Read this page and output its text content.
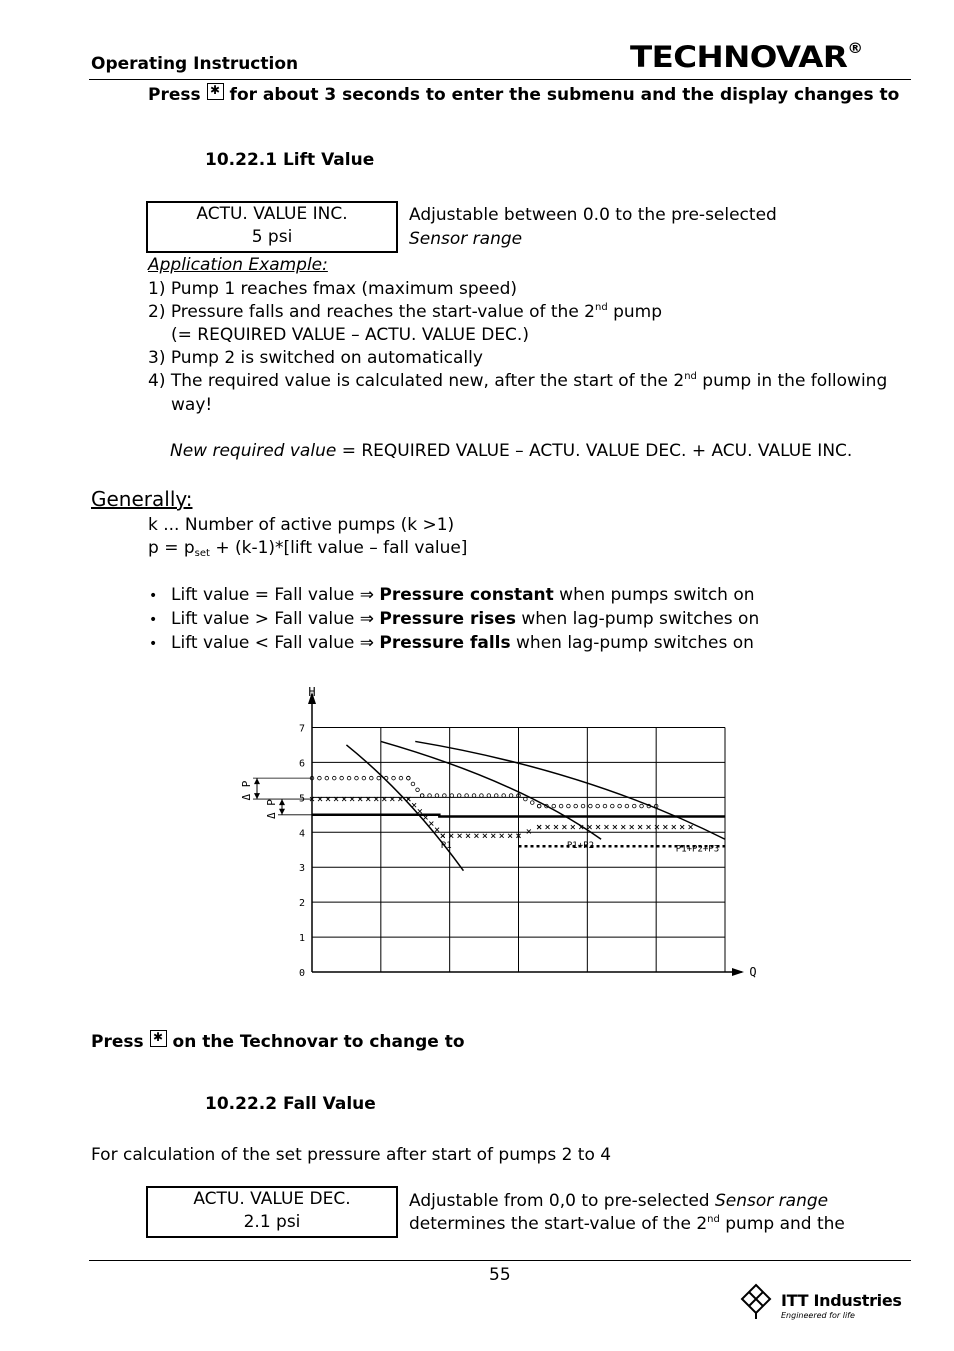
Operating Instruction	TECHNOVAR®
Press ✱ for about 3 seconds to enter the submenu and the display changes to
10.22.1 Lift Value
ACTU. VALUE INC.
5 psi
Adjustable between 0.0 to the pre-selected
Sensor range
Application Example:
1) Pump 1 reaches fmax (maximum speed)
2) Pressure falls and reaches the start-value of the 2nd pump
(= REQUIRED VALUE – ACTU. VALUE DEC.)
3) Pump 2 is switched on automatically
4) The required value is calculated new, after the start of the 2nd pump in the following
way!
New required value = REQUIRED VALUE – ACTU. VALUE DEC. + ACU. VALUE INC.
Generally:
k ... Number of active pumps (k >1)
$p = p_{set}$ + (k-1)*[lift value – fall value]
• Lift value = Fall value ⇒ Pressure constant when pumps switch on
• Lift value > Fall value ⇒ Pressure rises when lag-pump switches on
• Lift value < Fall value ⇒ Pressure falls when lag-pump switches on
0
1
2
3
4
5
6
7
H
Q
P1	P1+P2	P1+P2+P3
Δ P
Δ P
Press ✱ on the Technovar to change to
10.22.2 Fall Value
For calculation of the set pressure after start of pumps 2 to 4
ACTU. VALUE DEC.
2.1 psi
Adjustable from 0,0 to pre-selected Sensor range
determines the start-value of the 2nd pump and the
55
ITT Industries
Engineered for life
